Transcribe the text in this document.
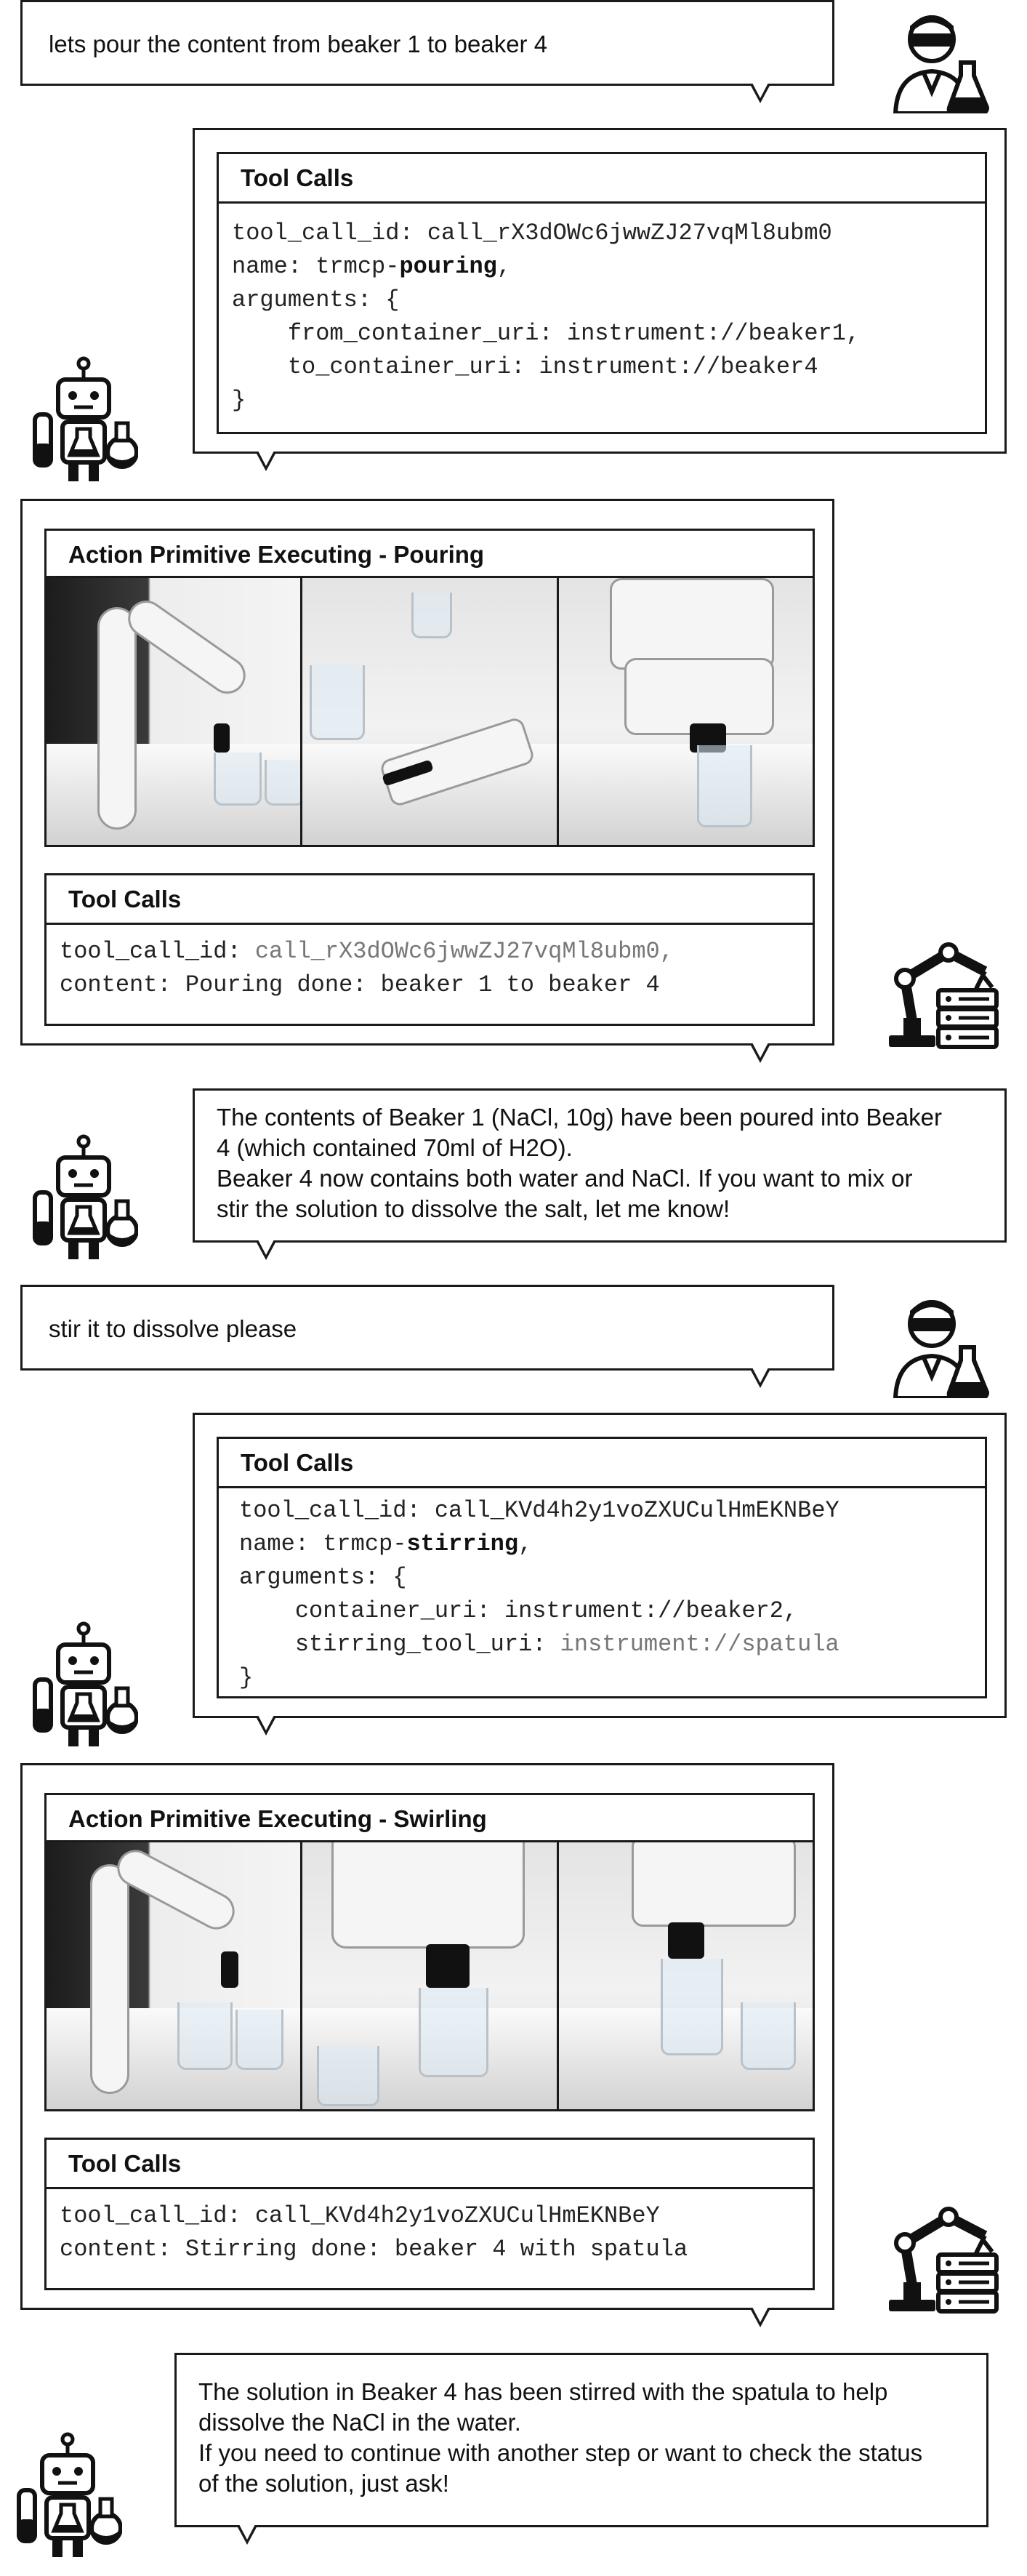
lets pour the content from beaker 1 to beaker 4
Tool Calls
tool_call_id: call_rX3dOWc6jwwZJ27vqMl8ubm0
name: trmcp-pouring,
arguments: {
from_container_uri: instrument://beaker1,
to_container_uri: instrument://beaker4
}
Action Primitive Executing - Pouring
Tool Calls
tool_call_id: call_rX3dOWc6jwwZJ27vqMl8ubm0,
content: Pouring done: beaker 1 to beaker 4
The contents of Beaker 1 (NaCl, 10g) have been poured into Beaker
4 (which contained 70ml of H2O).
Beaker 4 now contains both water and NaCl. If you want to mix or
stir the solution to dissolve the salt, let me know!
stir it to dissolve please
Tool Calls
tool_call_id: call_KVd4h2y1voZXUCulHmEKNBeY
name: trmcp-stirring,
arguments: {
container_uri: instrument://beaker2,
stirring_tool_uri: instrument://spatula
}
Action Primitive Executing - Swirling
Tool Calls
tool_call_id: call_KVd4h2y1voZXUCulHmEKNBeY
content: Stirring done: beaker 4 with spatula
The solution in Beaker 4 has been stirred with the spatula to help
dissolve the NaCl in the water.
If you need to continue with another step or want to check the status
of the solution, just ask!
